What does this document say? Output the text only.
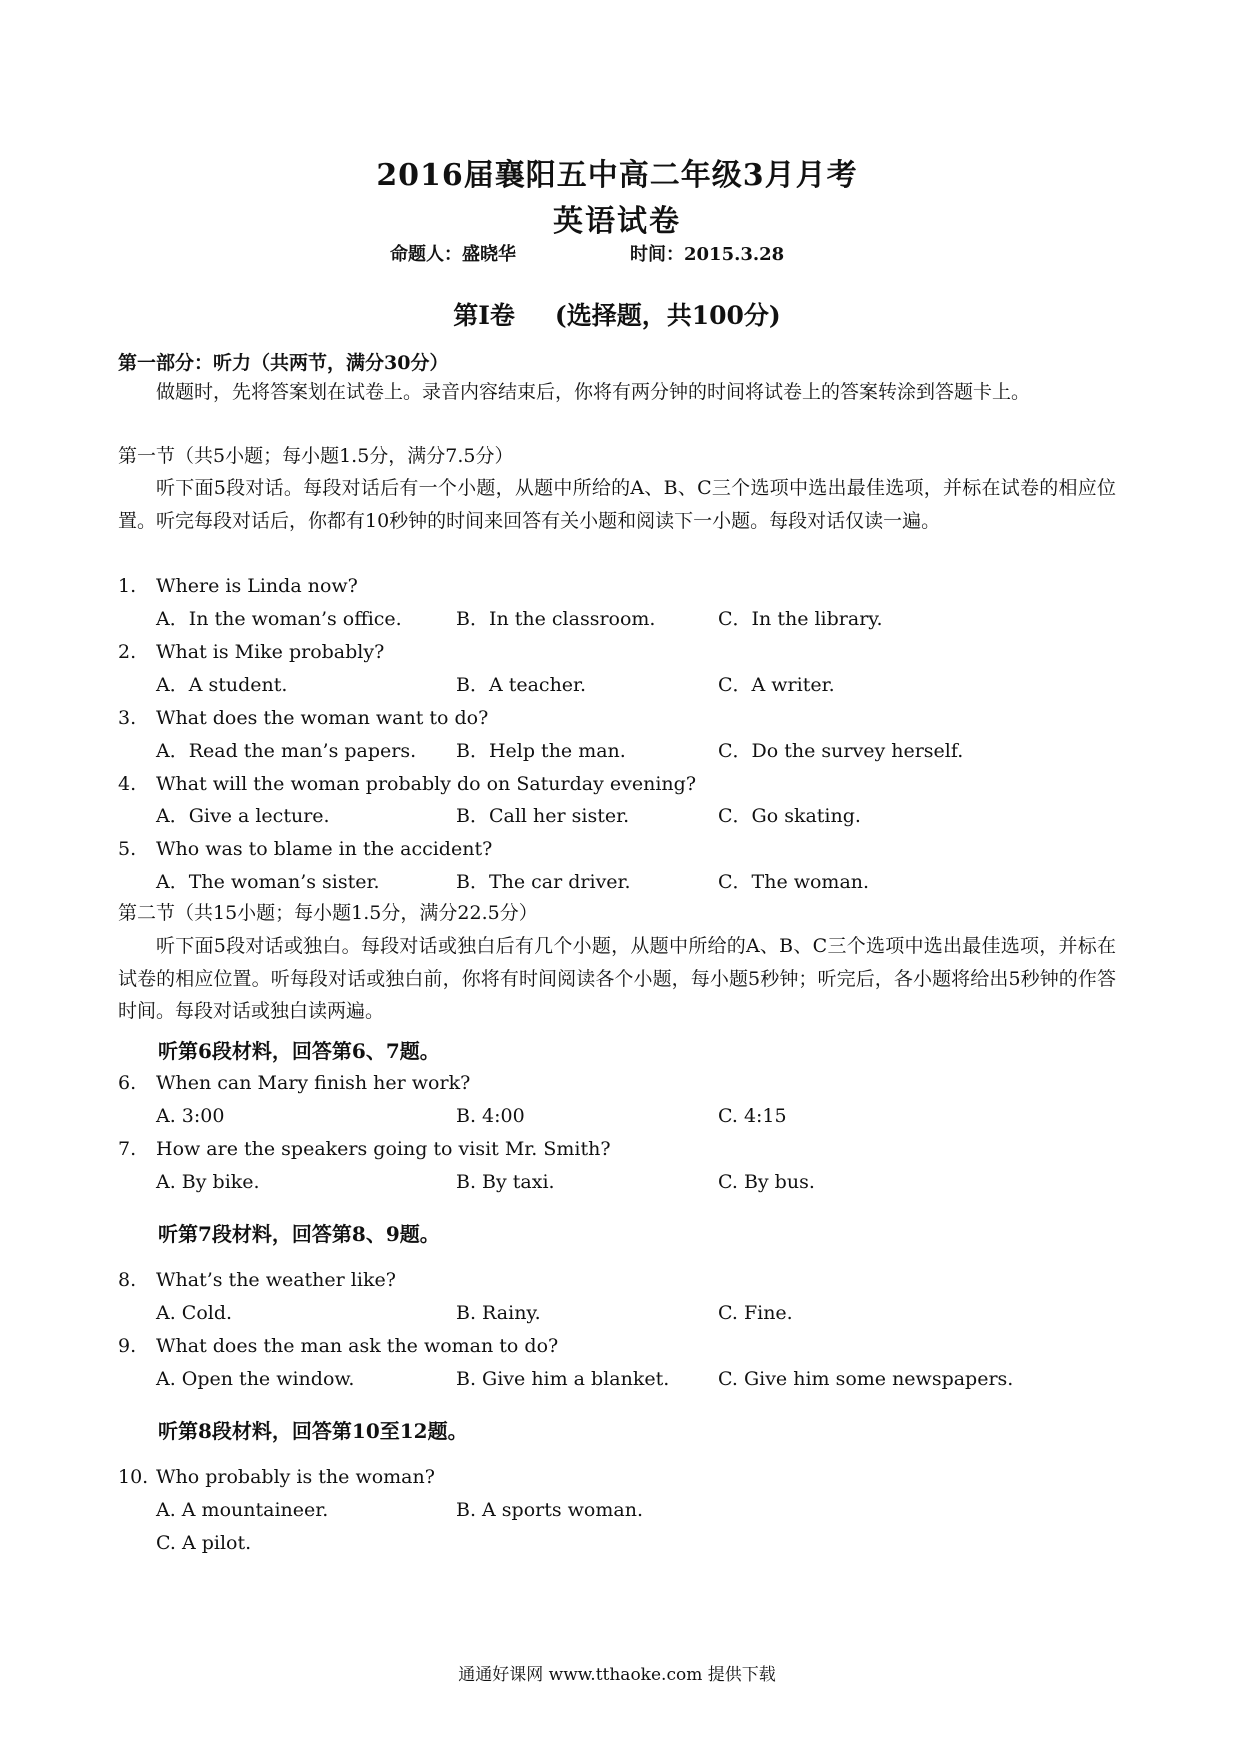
2016届襄阳五中高二年级3月月考
英语试卷
命题人：盛晓华	时间：2015.3.28
第Ⅰ卷 (选择题，共100分)
第一部分：听力（共两节，满分30分）
做题时，先将答案划在试卷上。录音内容结束后，你将有两分钟的时间将试卷上的答案转涂到答题卡上。
第一节（共5小题；每小题1.5分，满分7.5分）
听下面5段对话。每段对话后有一个小题，从题中所给的A、B、C三个选项中选出最佳选项，并标在试卷的相应位置。听完每段对话后，你都有10秒钟的时间来回答有关小题和阅读下一小题。每段对话仅读一遍。
1. Where is Linda now?
A．In the woman’s office.	B．In the classroom.	C．In the library.
2. What is Mike probably?
A．A student.	B．A teacher.	C．A writer.
3. What does the woman want to do?
A．Read the man’s papers. B．Help the man.	C．Do the survey herself.
4. What will the woman probably do on Saturday evening?
A．Give a lecture.	B．Call her sister.	C．Go skating.
5. Who was to blame in the accident?
A．The woman’s sister.	B．The car driver.	C．The woman.
第二节（共15小题；每小题1.5分，满分22.5分）
听下面5段对话或独白。每段对话或独白后有几个小题，从题中所给的A、B、C三个选项中选出最佳选项，并标在试卷的相应位置。听每段对话或独白前，你将有时间阅读各个小题，每小题5秒钟；听完后，各小题将给出5秒钟的作答时间。每段对话或独白读两遍。
听第6段材料，回答第6、7题。
6. When can Mary finish her work?
A. 3:00	B. 4:00	C. 4:15
7. How are the speakers going to visit Mr. Smith?
A. By bike.	B. By taxi.	C. By bus.
听第7段材料，回答第8、9题。
8. What’s the weather like?
A. Cold.	B. Rainy.	C. Fine.
9. What does the man ask the woman to do?
A. Open the window.	B. Give him a blanket.	C. Give him some newspapers.
听第8段材料，回答第10至12题。
10. Who probably is the woman?
A. A mountaineer.	B. A sports woman.
C. A pilot.
通通好课网 www.tthaoke.com 提供下载
